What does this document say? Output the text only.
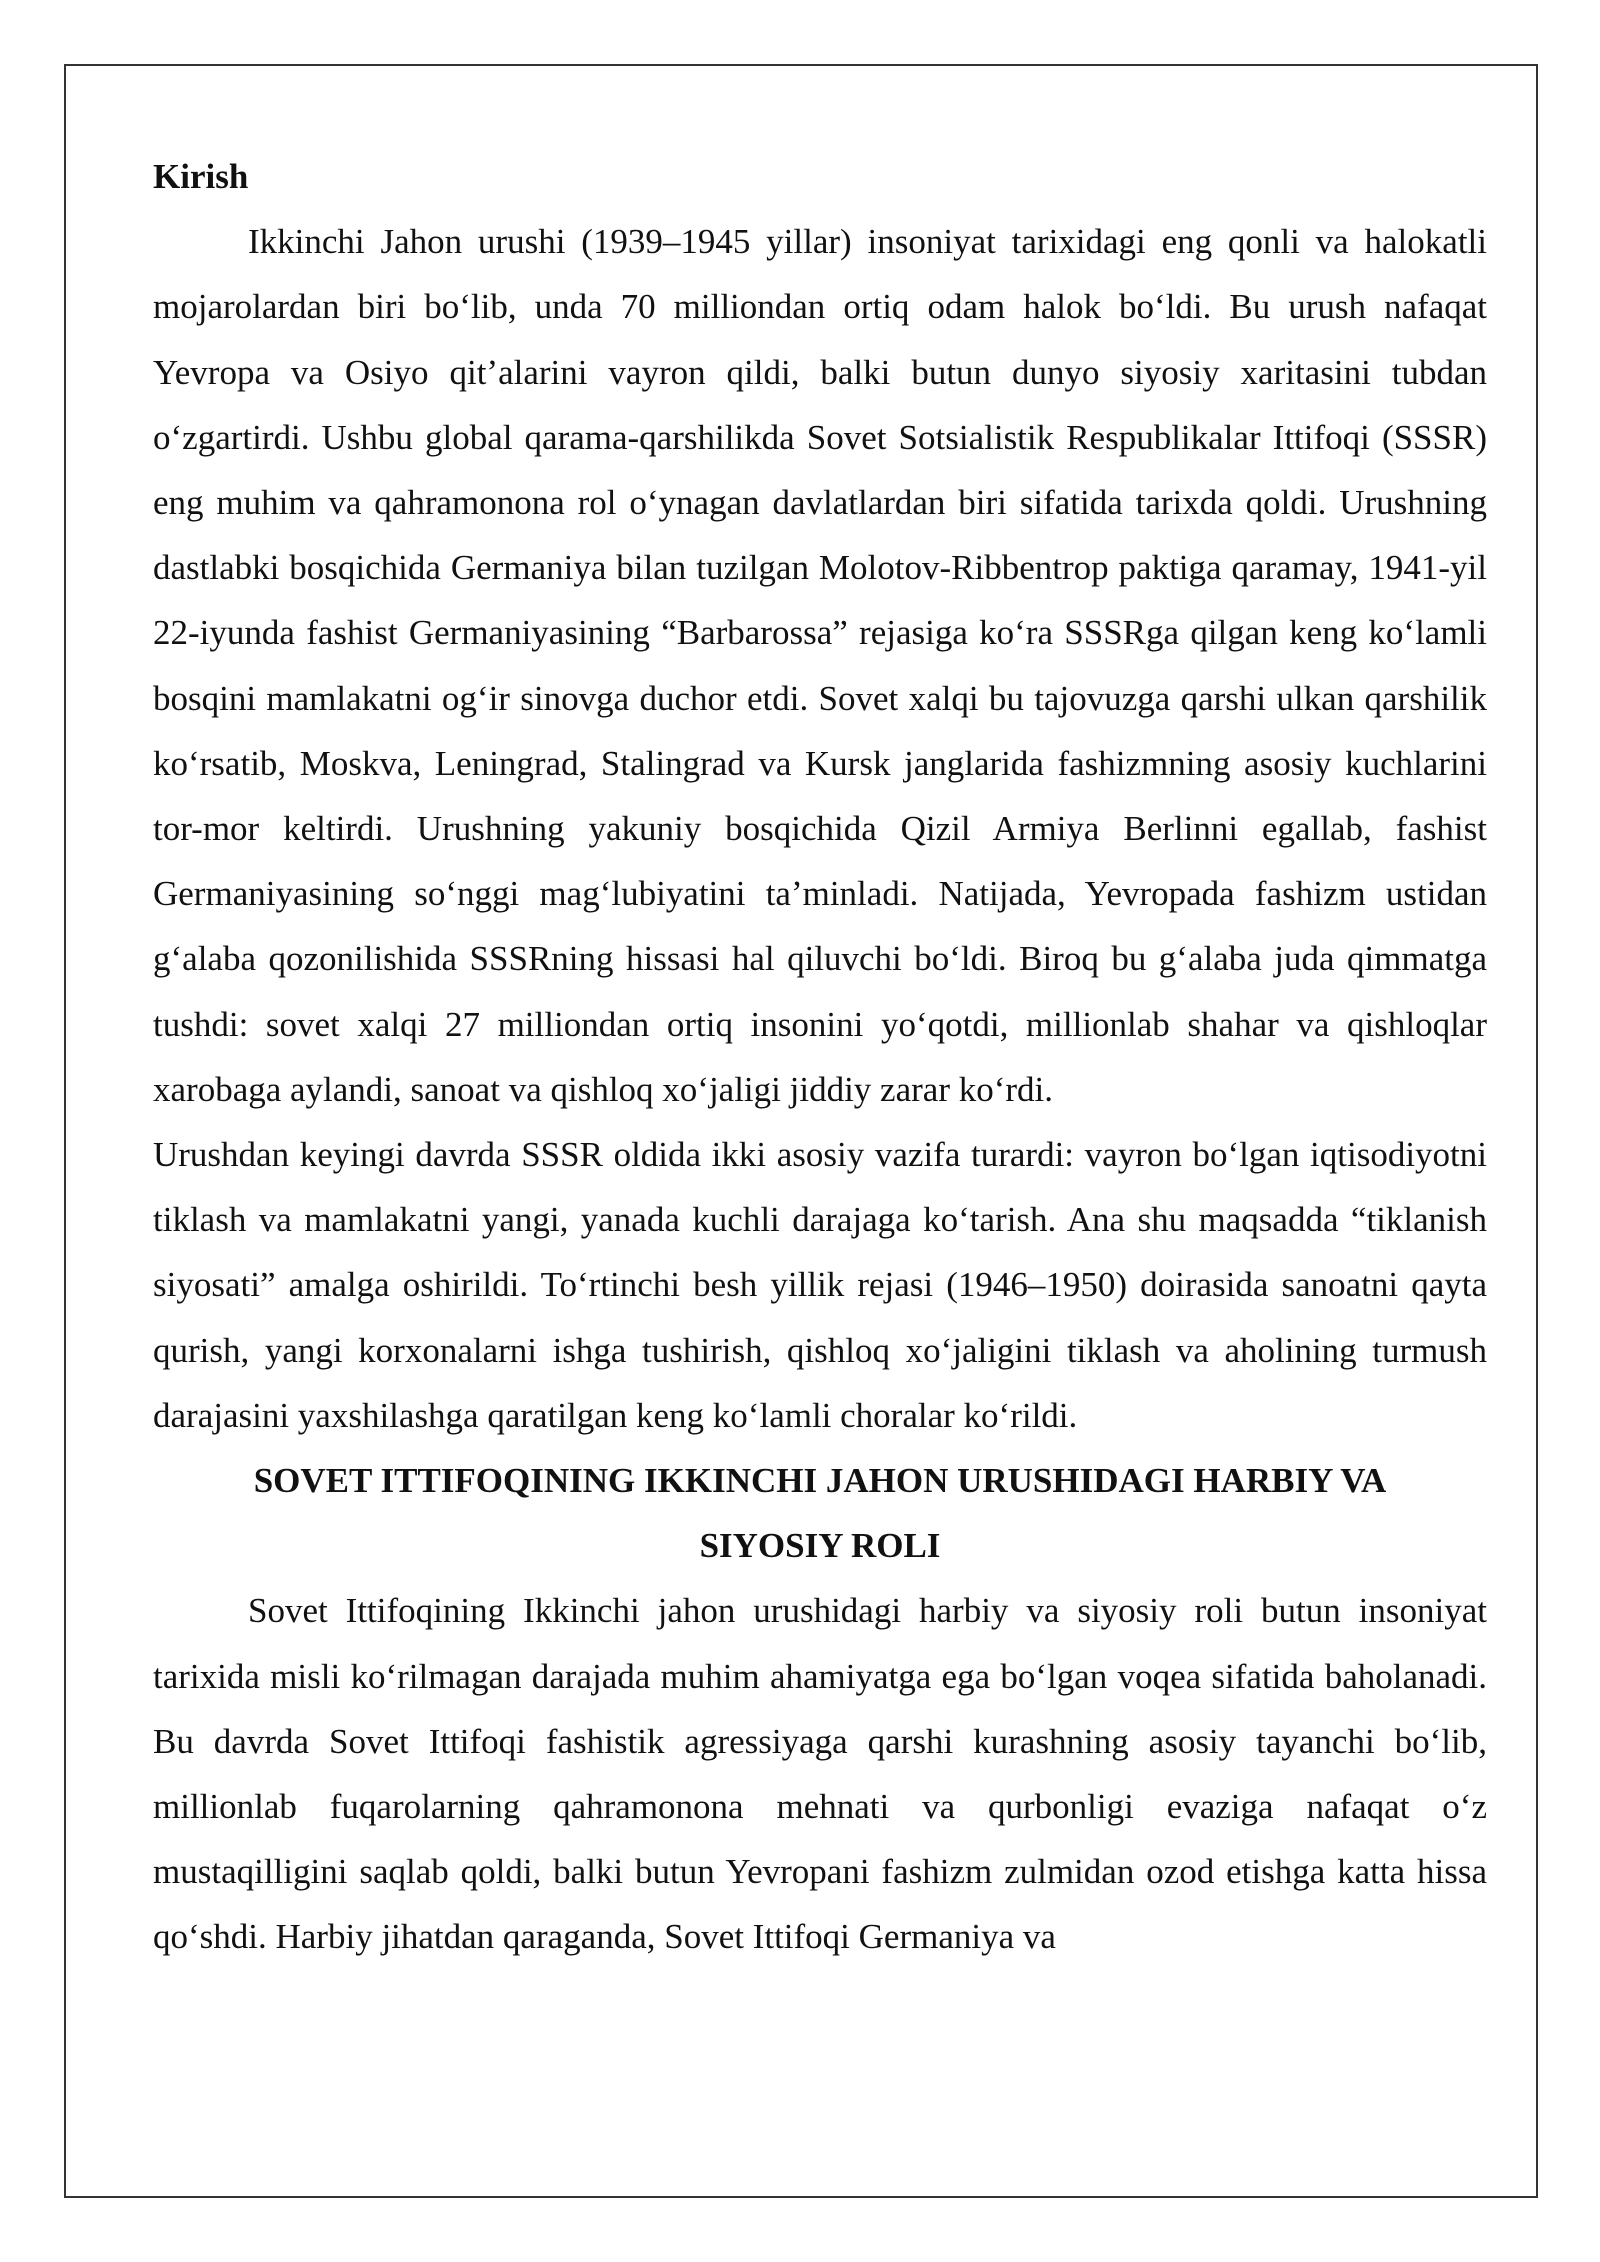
Kirish

Ikkinchi Jahon urushi (1939–1945 yillar) insoniyat tarixidagi eng qonli va halokatli mojarolardan biri boʻlib, unda 70 milliondan ortiq odam halok boʻldi. Bu urush nafaqat Yevropa va Osiyo qitʼalarini vayron qildi, balki butun dunyo siyosiy xaritasini tubdan oʻzgartirdi. Ushbu global qarama-qarshilikda Sovet Sotsialistik Respublikalar Ittifoqi (SSSR) eng muhim va qahramonona rol oʻynagan davlatlardan biri sifatida tarixda qoldi. Urushning dastlabki bosqichida Germaniya bilan tuzilgan Molotov-Ribbentrop paktiga qaramay, 1941-yil 22-iyunda fashist Germaniyasining “Barbarossa” rejasiga koʻra SSSRga qilgan keng koʻlamli bosqini mamlakatni ogʻir sinovga duchor etdi. Sovet xalqi bu tajovuzga qarshi ulkan qarshilik koʻrsatib, Moskva, Leningrad, Stalingrad va Kursk janglarida fashizmning asosiy kuchlarini tor-mor keltirdi. Urushning yakuniy bosqichida Qizil Armiya Berlinni egallab, fashist Germaniyasining soʻnggi magʻlubiyatini taʼminladi. Natijada, Yevropada fashizm ustidan gʻalaba qozonilishida SSSRning hissasi hal qiluvchi boʻldi. Biroq bu gʻalaba juda qimmatga tushdi: sovet xalqi 27 milliondan ortiq insonini yoʻqotdi, millionlab shahar va qishloqlar xarobaga aylandi, sanoat va qishloq xoʻjaligi jiddiy zarar koʻrdi.

Urushdan keyingi davrda SSSR oldida ikki asosiy vazifa turardi: vayron boʻlgan iqtisodiyotni tiklash va mamlakatni yangi, yanada kuchli darajaga koʻtarish. Ana shu maqsadda “tiklanish siyosati” amalga oshirildi. Toʻrtinchi besh yillik rejasi (1946–1950) doirasida sanoatni qayta qurish, yangi korxonalarni ishga tushirish, qishloq xoʻjaligini tiklash va aholining turmush darajasini yaxshilashga qaratilgan keng koʻlamli choralar koʻrildi.

SOVET ITTIFOQINING IKKINCHI JAHON URUSHIDAGI HARBIY VA SIYOSIY ROLI

Sovet Ittifoqining Ikkinchi jahon urushidagi harbiy va siyosiy roli butun insoniyat tarixida misli koʻrilmagan darajada muhim ahamiyatga ega boʻlgan voqea sifatida baholanadi. Bu davrda Sovet Ittifoqi fashistik agressiyaga qarshi kurashning asosiy tayanchi boʻlib, millionlab fuqarolarning qahramonona mehnati va qurbonligi evaziga nafaqat oʻz mustaqilligini saqlab qoldi, balki butun Yevropani fashizm zulmidan ozod etishga katta hissa qoʻshdi. Harbiy jihatdan qaraganda, Sovet Ittifoqi Germaniya va
